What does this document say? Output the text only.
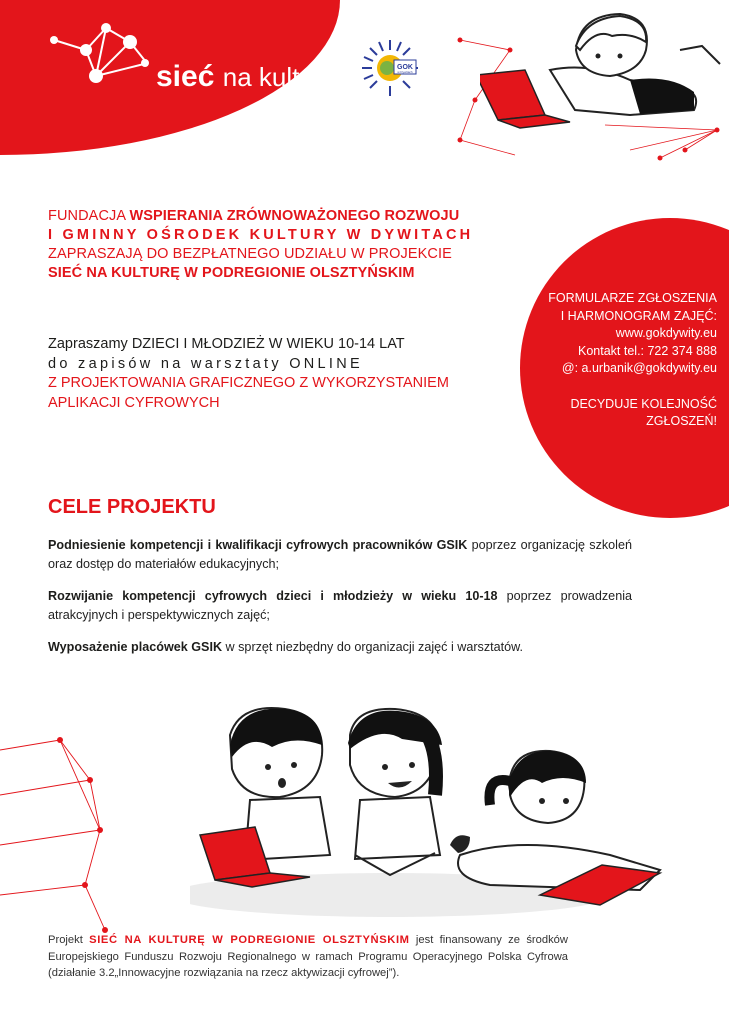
sieć na kulturę	GOK
w Dywitach
FUNDACJA WSPIERANIA ZRÓWNOWAŻONEGO ROZWOJU
I GMINNY OŚRODEK KULTURY W DYWITACH
ZAPRASZAJĄ DO BEZPŁATNEGO UDZIAŁU W PROJEKCIE
SIEĆ NA KULTURĘ W PODREGIONIE OLSZTYŃSKIM
Zapraszamy DZIECI I MŁODZIEŻ W WIEKU 10-14 LAT
do zapisów na warsztaty ONLINE
Z PROJEKTOWANIA GRAFICZNEGO Z WYKORZYSTANIEM
APLIKACJI CYFROWYCH
FORMULARZE ZGŁOSZENIA
I HARMONOGRAM ZAJĘĆ:
www.gokdywity.eu
Kontakt tel.: 722 374 888
@: a.urbanik@gokdywity.eu
DECYDUJE KOLEJNOŚĆ
ZGŁOSZEŃ!
CELE PROJEKTU
Podniesienie kompetencji i kwalifikacji cyfrowych pracowników GSIK poprzez organizację szkoleń oraz dostęp do materiałów edukacyjnych;
Rozwijanie kompetencji cyfrowych dzieci i młodzieży w wieku 10-18 poprzez prowadzenia atrakcyjnych i perspektywicznych zajęć;
Wyposażenie placówek GSIK w sprzęt niezbędny do organizacji zajęć i warsztatów.
Projekt SIEĆ NA KULTURĘ W PODREGIONIE OLSZTYŃSKIM jest finansowany ze środków Europejskiego Funduszu Rozwoju Regionalnego w ramach Programu Operacyjnego Polska Cyfrowa (działanie 3.2„Innowacyjne rozwiązania na rzecz aktywizacji cyfrowej”).
